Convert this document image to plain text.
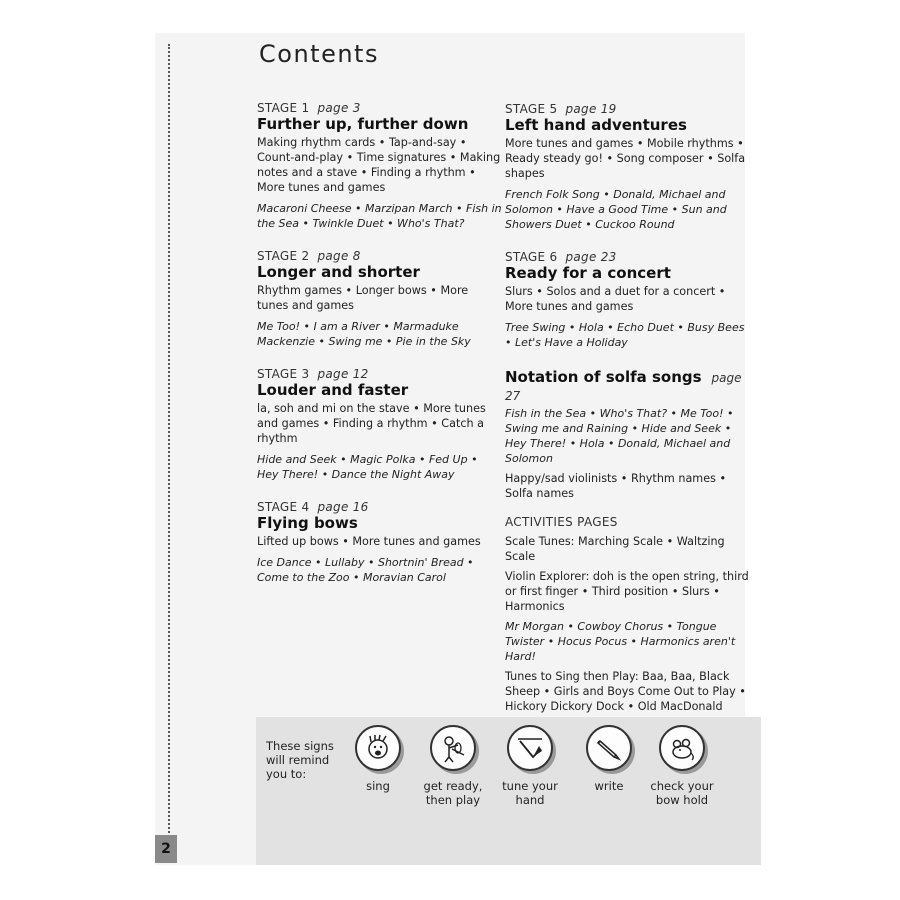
2
Contents
STAGE 1 page 3
Further up, further down

Making rhythm cards • Tap-and-say • Count-and-play • Time signatures • Making notes and a stave • Finding a rhythm • More tunes and games

Macaroni Cheese • Marzipan March • Fish in the Sea • Twinkle Duet • Who's That?

STAGE 2 page 8
Longer and shorter

Rhythm games • Longer bows • More tunes and games

Me Too! • I am a River • Marmaduke Mackenzie • Swing me • Pie in the Sky

STAGE 3 page 12
Louder and faster

la, soh and mi on the stave • More tunes and games • Finding a rhythm • Catch a rhythm

Hide and Seek • Magic Polka • Fed Up • Hey There! • Dance the Night Away

STAGE 4 page 16
Flying bows

Lifted up bows • More tunes and games

Ice Dance • Lullaby • Shortnin' Bread • Come to the Zoo • Moravian Carol

STAGE 5 page 19
Left hand adventures

More tunes and games • Mobile rhythms • Ready steady go! • Song composer • Solfa shapes

French Folk Song • Donald, Michael and Solomon • Have a Good Time • Sun and Showers Duet • Cuckoo Round

STAGE 6 page 23
Ready for a concert

Slurs • Solos and a duet for a concert • More tunes and games

Tree Swing • Hola • Echo Duet • Busy Bees • Let's Have a Holiday

Notation of solfa songs page 27

Fish in the Sea • Who's That? • Me Too! • Swing me and Raining • Hide and Seek • Hey There! • Hola • Donald, Michael and Solomon

Happy/sad violinists • Rhythm names • Solfa names

ACTIVITIES PAGES

Scale Tunes: Marching Scale • Waltzing Scale

Violin Explorer: doh is the open string, third or first finger • Third position • Slurs • Harmonics

Mr Morgan • Cowboy Chorus • Tongue Twister • Hocus Pocus • Harmonics aren't Hard!

Tunes to Sing then Play: Baa, Baa, Black Sheep • Girls and Boys Come Out to Play • Hickory Dickory Dock • Old MacDonald

These signs will remind you to:
sing	get ready, then play
tune your hand
write	check your bow hold
